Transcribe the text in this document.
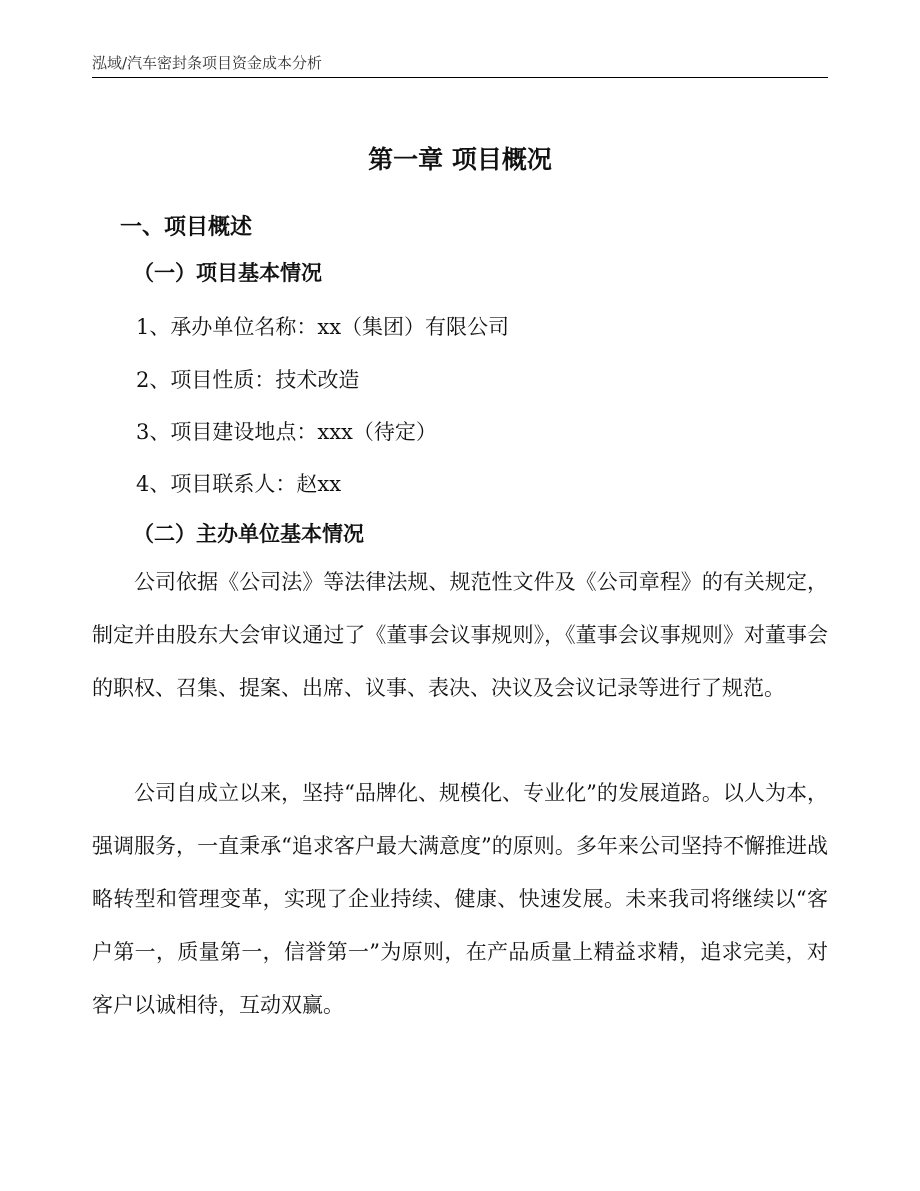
泓域/汽车密封条项目资金成本分析
第一章 项目概况
一、项目概述
（一）项目基本情况
1、承办单位名称：xx（集团）有限公司
2、项目性质：技术改造
3、项目建设地点：xxx（待定）
4、项目联系人：赵xx
（二）主办单位基本情况
公司依据《公司法》等法律法规、规范性文件及《公司章程》的有关规定，制定并由股东大会审议通过了《董事会议事规则》，《董事会议事规则》对董事会的职权、召集、提案、出席、议事、表决、决议及会议记录等进行了规范。
公司自成立以来，坚持“品牌化、规模化、专业化”的发展道路。以人为本，强调服务，一直秉承“追求客户最大满意度”的原则。多年来公司坚持不懈推进战略转型和管理变革，实现了企业持续、健康、快速发展。未来我司将继续以“客户第一，质量第一，信誉第一”为原则，在产品质量上精益求精，追求完美，对客户以诚相待，互动双赢。
